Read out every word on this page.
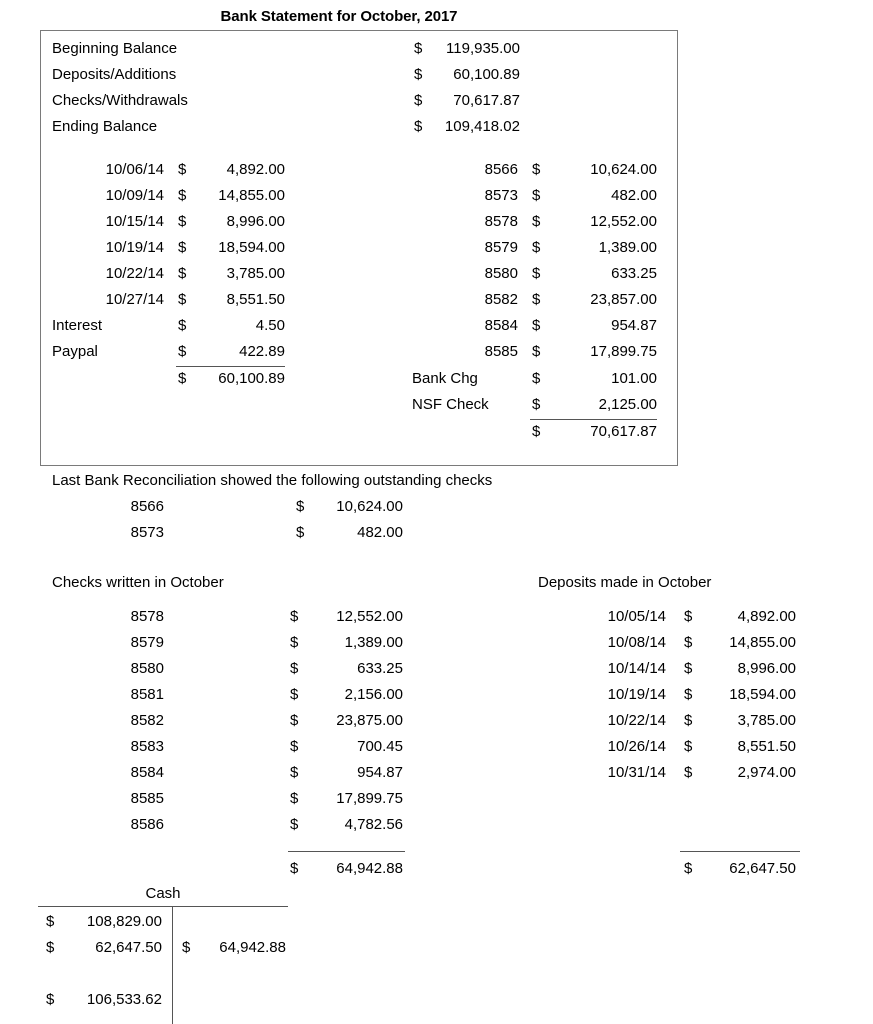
Bank Statement for October, 2017
Beginning Balance	$	119,935.00
Deposits/Additions	$	60,100.89
Checks/Withdrawals	$	70,617.87
Ending Balance	$	109,418.02
10/06/14 $	4,892.00
10/09/14 $	14,855.00
10/15/14 $	8,996.00
10/19/14 $	18,594.00
10/22/14 $	3,785.00
10/27/14 $	8,551.50
Interest	$	4.50
Paypal	$	422.89
$	60,100.89
8566 $	10,624.00
8573 $	482.00
8578 $	12,552.00
8579 $	1,389.00
8580 $	633.25
8582 $	23,857.00
8584 $	954.87
8585 $	17,899.75
Bank Chg	$	101.00
NSF Check	$	2,125.00
$	70,617.87
Last Bank Reconciliation showed the following outstanding checks
8566	$	10,624.00
8573	$	482.00
Checks written in October
8578	$	12,552.00
8579	$	1,389.00
8580	$	633.25
8581	$	2,156.00
8582	$	23,875.00
8583	$	700.45
8584	$	954.87
8585	$	17,899.75
8586	$	4,782.56
$	64,942.88
Deposits made in October
10/05/14 $	4,892.00
10/08/14 $	14,855.00
10/14/14 $	8,996.00
10/19/14 $	18,594.00
10/22/14 $	3,785.00
10/26/14 $	8,551.50
10/31/14 $	2,974.00
$	62,647.50
Cash
$	108,829.00
$	62,647.50 $	64,942.88
$	106,533.62
